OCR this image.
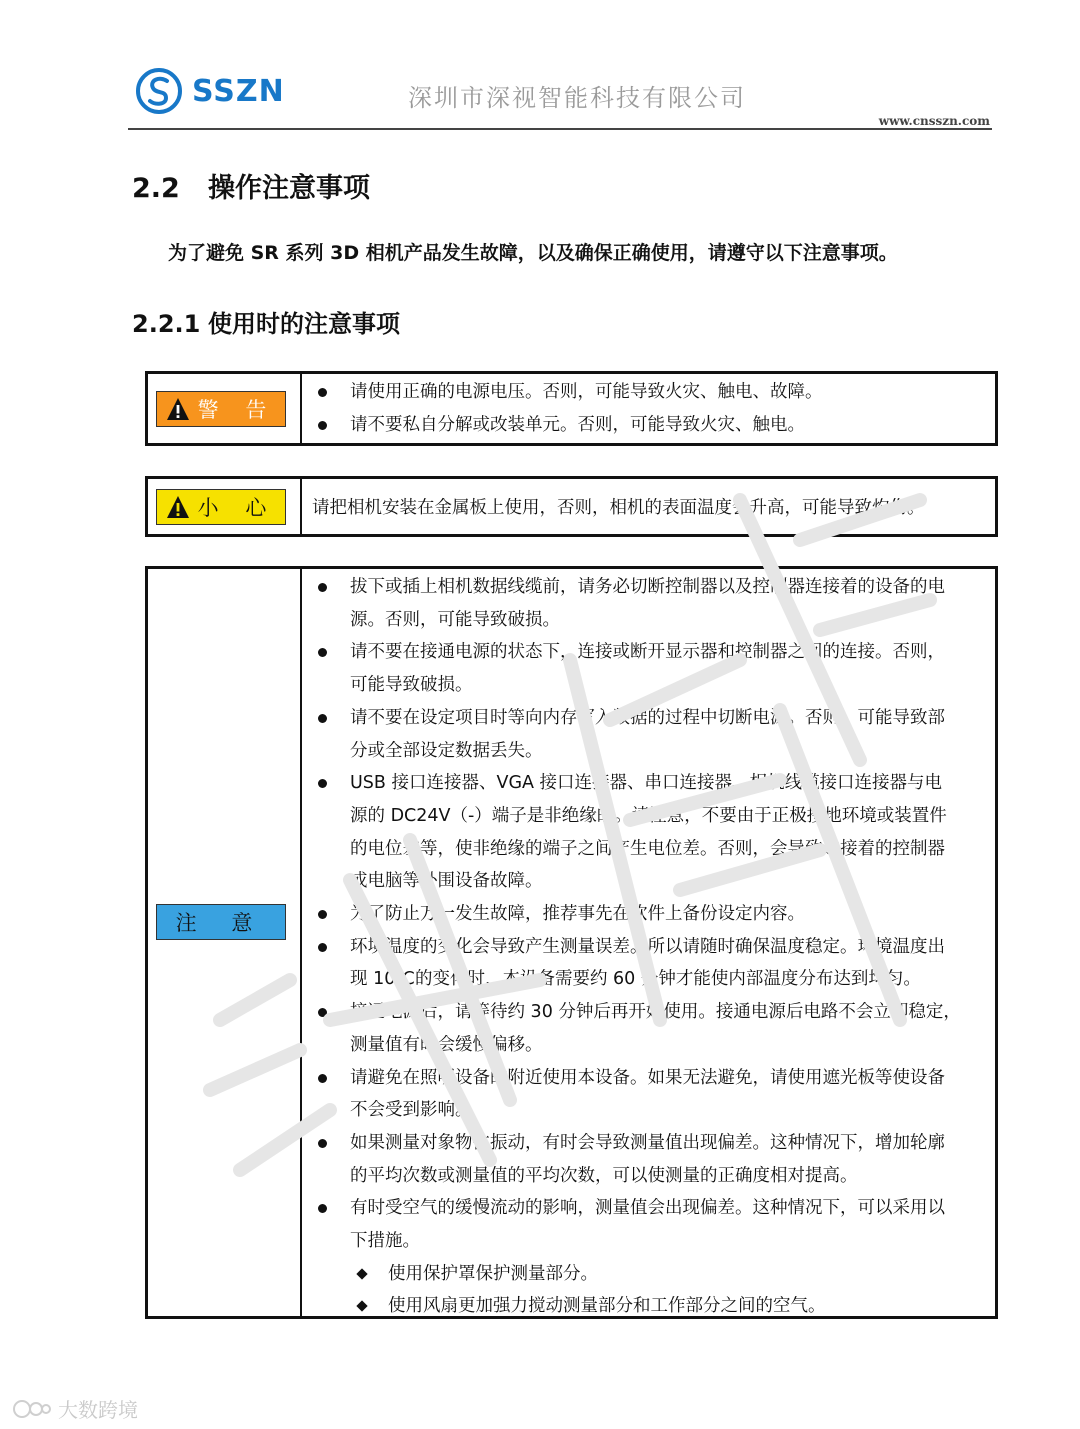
SSZN	深圳市深视智能科技有限公司
www.cnsszn.com
2.2 操作注意事项
为了避免 SR 系列 3D 相机产品发生故障，以及确保正确使用，请遵守以下注意事项。
2.2.1 使用时的注意事项
警 告
请使用正确的电源电压。否则，可能导致火灾、触电、故障。
请不要私自分解或改装单元。否则，可能导致火灾、触电。
小 心 请把相机安装在金属板上使用，否则，相机的表面温度会升高，可能导致灼伤。
注 意
拔下或插上相机数据线缆前，请务必切断控制器以及控制器连接着的设备的电
源。否则，可能导致破损。
请不要在接通电源的状态下，连接或断开显示器和控制器之间的连接。否则，
可能导致破损。
请不要在设定项目时等向内存写入数据的过程中切断电源。否则，可能导致部
分或全部设定数据丢失。
USB 接口连接器、VGA 接口连接器、串口连接器、相机线缆接口连接器与电
源的 DC24V（-）端子是非绝缘的。请注意，不要由于正极接地环境或装置件
的电位差等，使非绝缘的端子之间产生电位差。否则，会导致连接着的控制器
或电脑等外围设备故障。
为了防止万一发生故障，推荐事先在软件上备份设定内容。
环境温度的变化会导致产生测量误差。所以请随时确保温度稳定。环境温度出
现 10℃的变化时，本设备需要约 60 分钟才能使内部温度分布达到均匀。
接通电源后，请等待约 30 分钟后再开始使用。接通电源后电路不会立即稳定，
测量值有时会缓慢偏移。
请避免在照明设备的附近使用本设备。如果无法避免，请使用遮光板等使设备
不会受到影响。
如果测量对象物体振动，有时会导致测量值出现偏差。这种情况下，增加轮廓
的平均次数或测量值的平均次数，可以使测量的正确度相对提高。
有时受空气的缓慢流动的影响，测量值会出现偏差。这种情况下，可以采用以
下措施。
使用保护罩保护测量部分。
使用风扇更加强力搅动测量部分和工作部分之间的空气。
大数跨境
